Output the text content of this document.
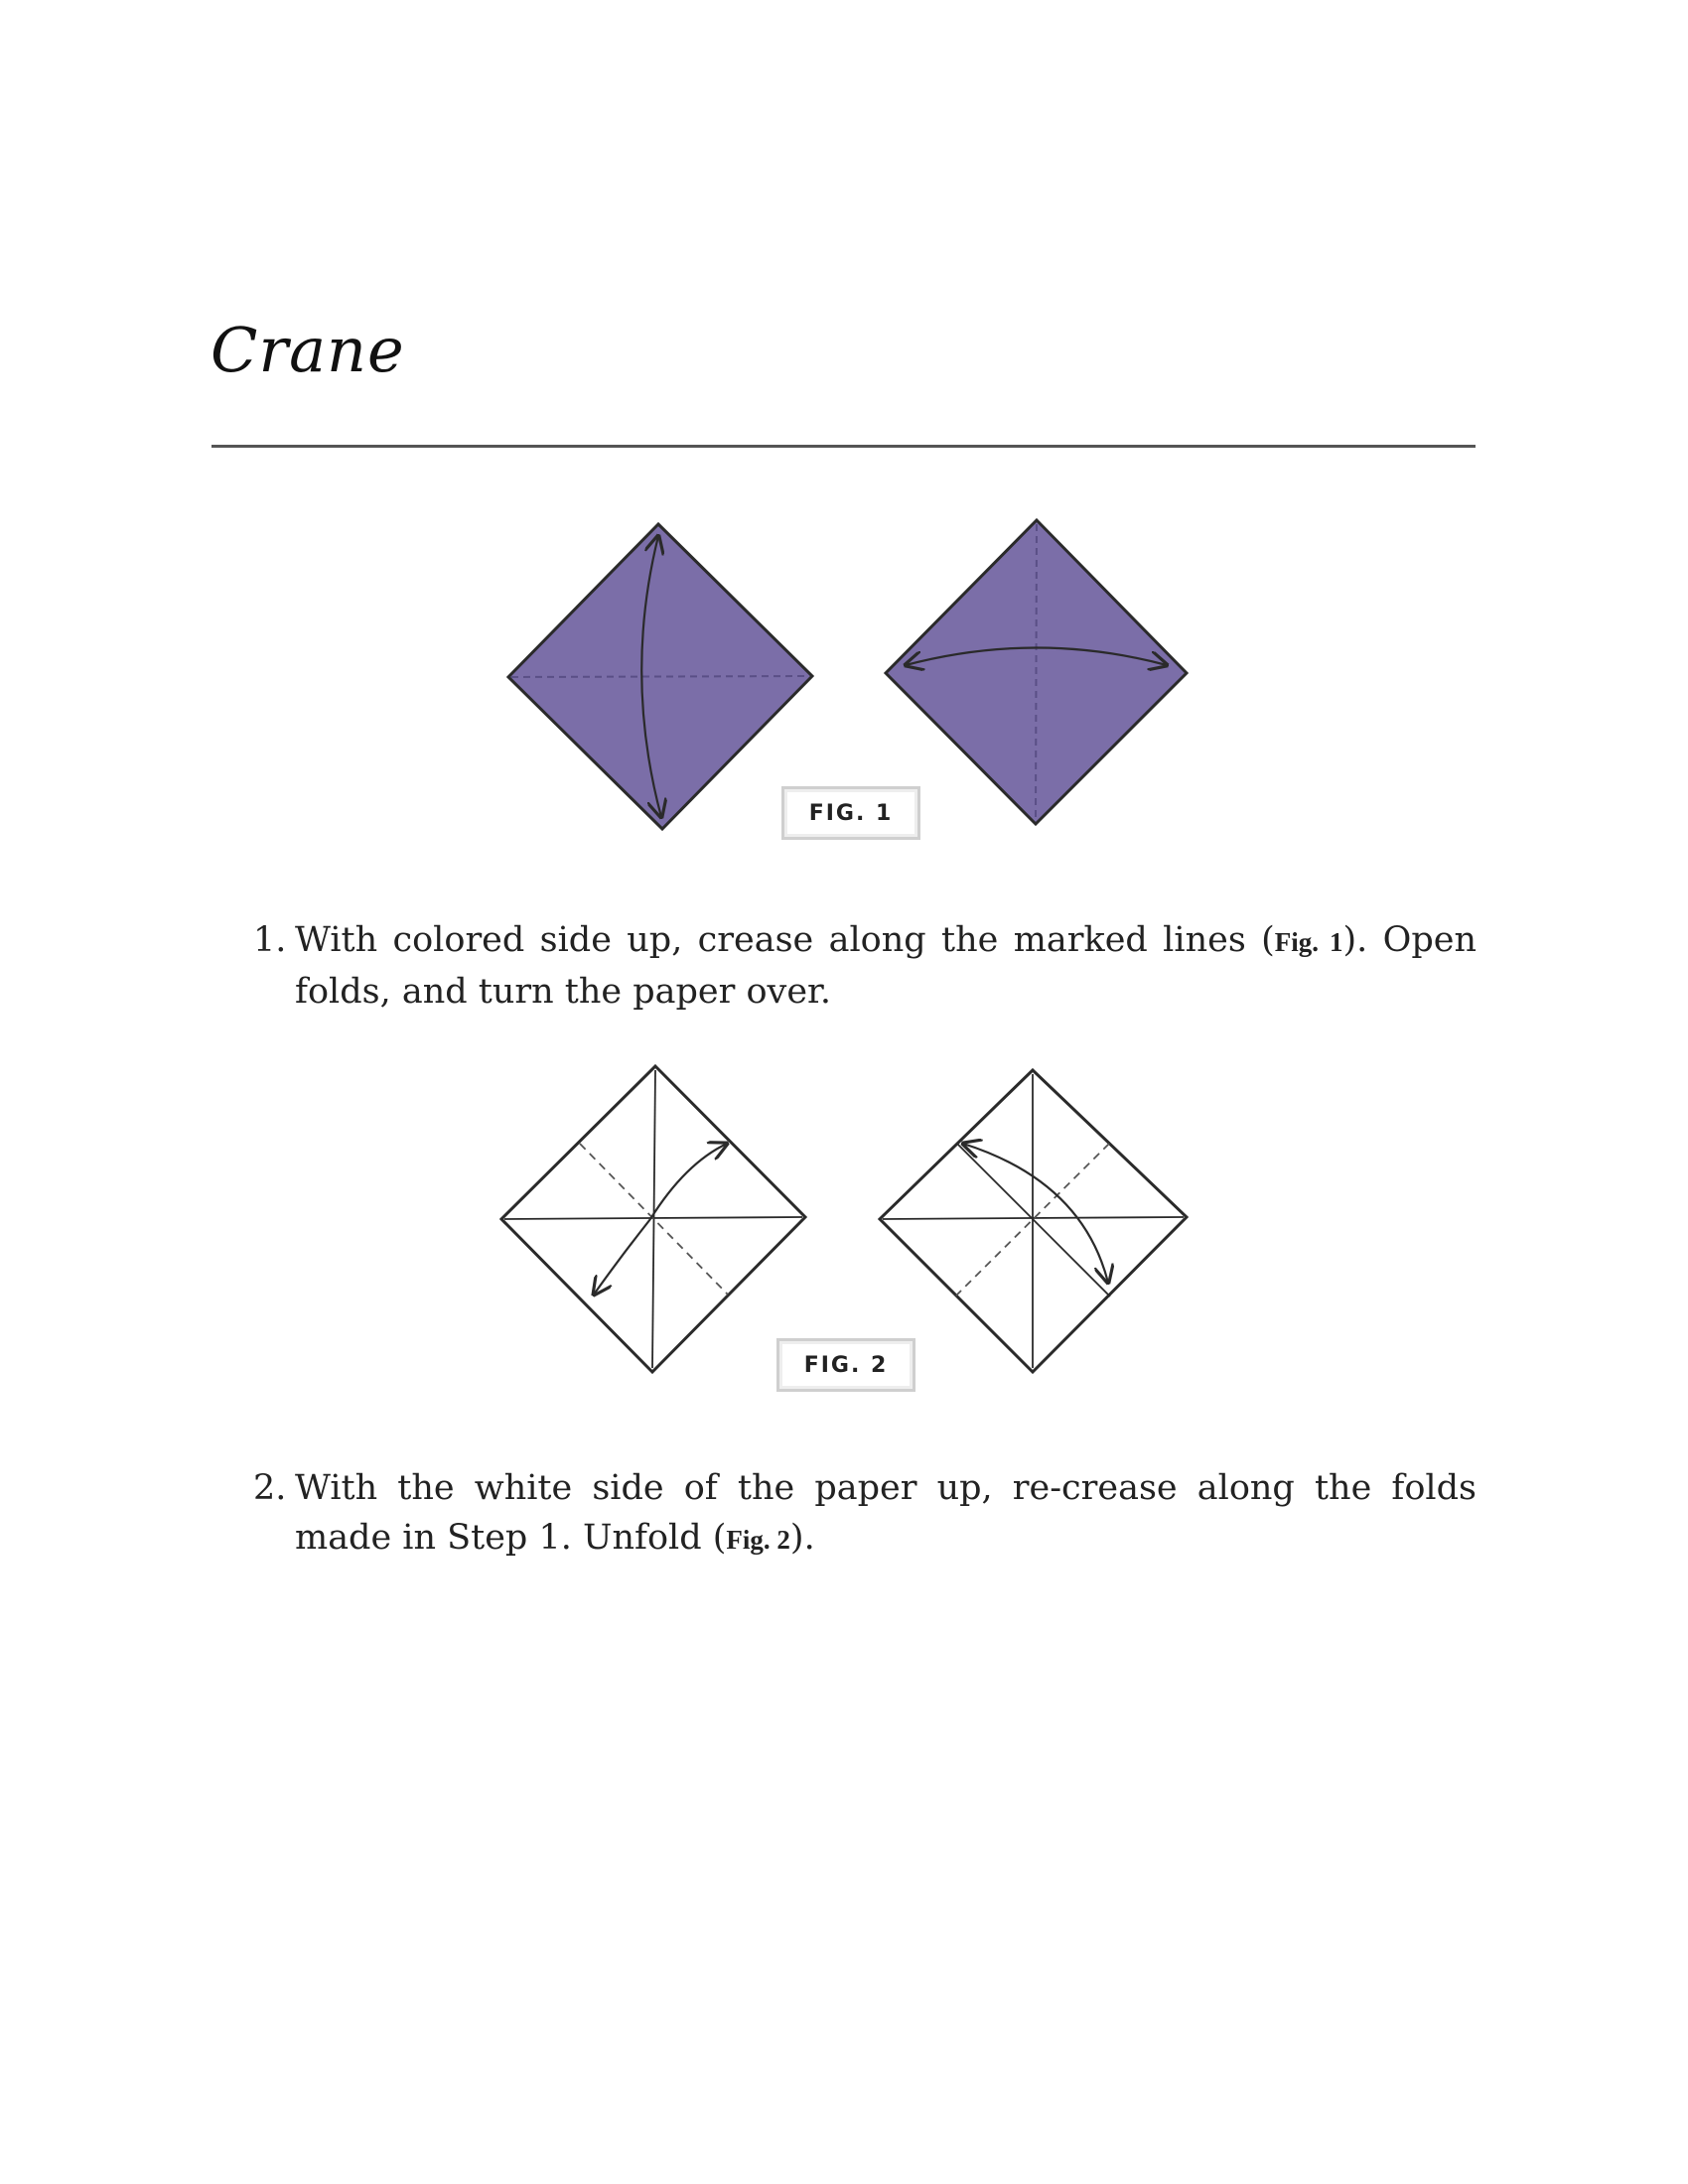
Crane
FIG. 1
1. With colored side up, crease along the marked lines (Fig. 1). Open folds, and turn the paper over.
FIG. 2
2. With the white side of the paper up, re-crease along the folds made in Step 1. Unfold (Fig. 2).
